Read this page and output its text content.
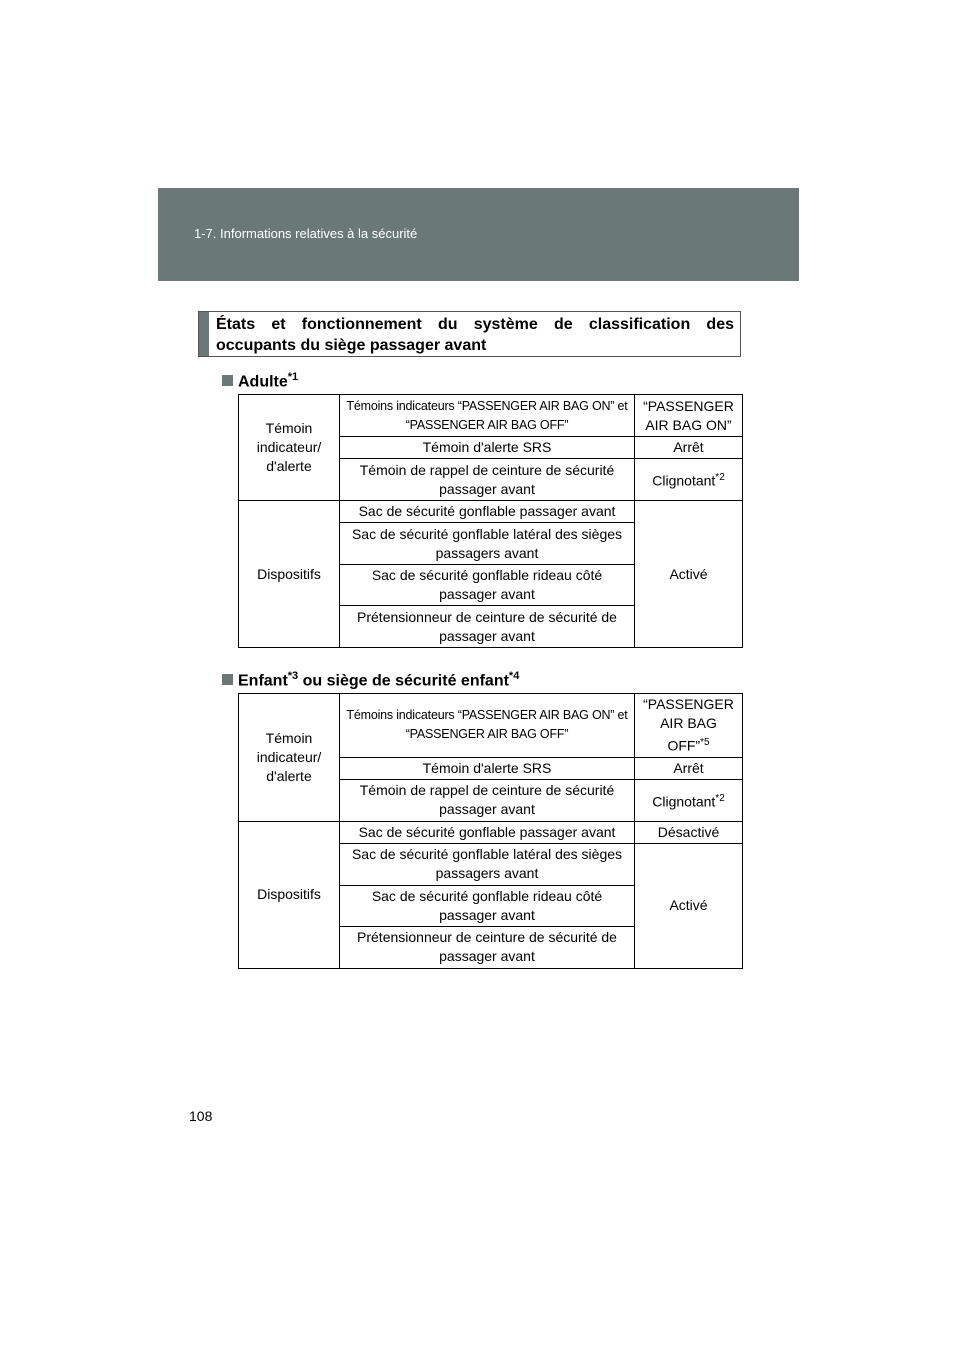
1-7. Informations relatives à la sécurité
États et fonctionnement du système de classification des occupants du siège passager avant
Adulte$^{*1}$
Témoin indicateur/ d'alerte	Témoins indicateurs “PASSENGER AIR BAG ON” et “PASSENGER AIR BAG OFF”	“PASSENGER AIR BAG ON”
	Témoin d'alerte SRS	Arrêt
	Témoin de rappel de ceinture de sécurité passager avant	Clignotant$^{*2}$
Dispositifs	Sac de sécurité gonflable passager avant	Activé
	Sac de sécurité gonflable latéral des sièges passagers avant	
	Sac de sécurité gonflable rideau côté passager avant	
	Prétensionneur de ceinture de sécurité de passager avant	
Enfant$^{*3}$ ou siège de sécurité enfant$^{*4}$
Témoin indicateur/ d'alerte	Témoins indicateurs “PASSENGER AIR BAG ON” et “PASSENGER AIR BAG OFF”	“PASSENGER AIR BAG OFF”$^{*5}$
	Témoin d'alerte SRS	Arrêt
	Témoin de rappel de ceinture de sécurité passager avant	Clignotant$^{*2}$
Dispositifs	Sac de sécurité gonflable passager avant	Désactivé
	Sac de sécurité gonflable latéral des sièges passagers avant	Activé
	Sac de sécurité gonflable rideau côté passager avant	
	Prétensionneur de ceinture de sécurité de passager avant	
108
